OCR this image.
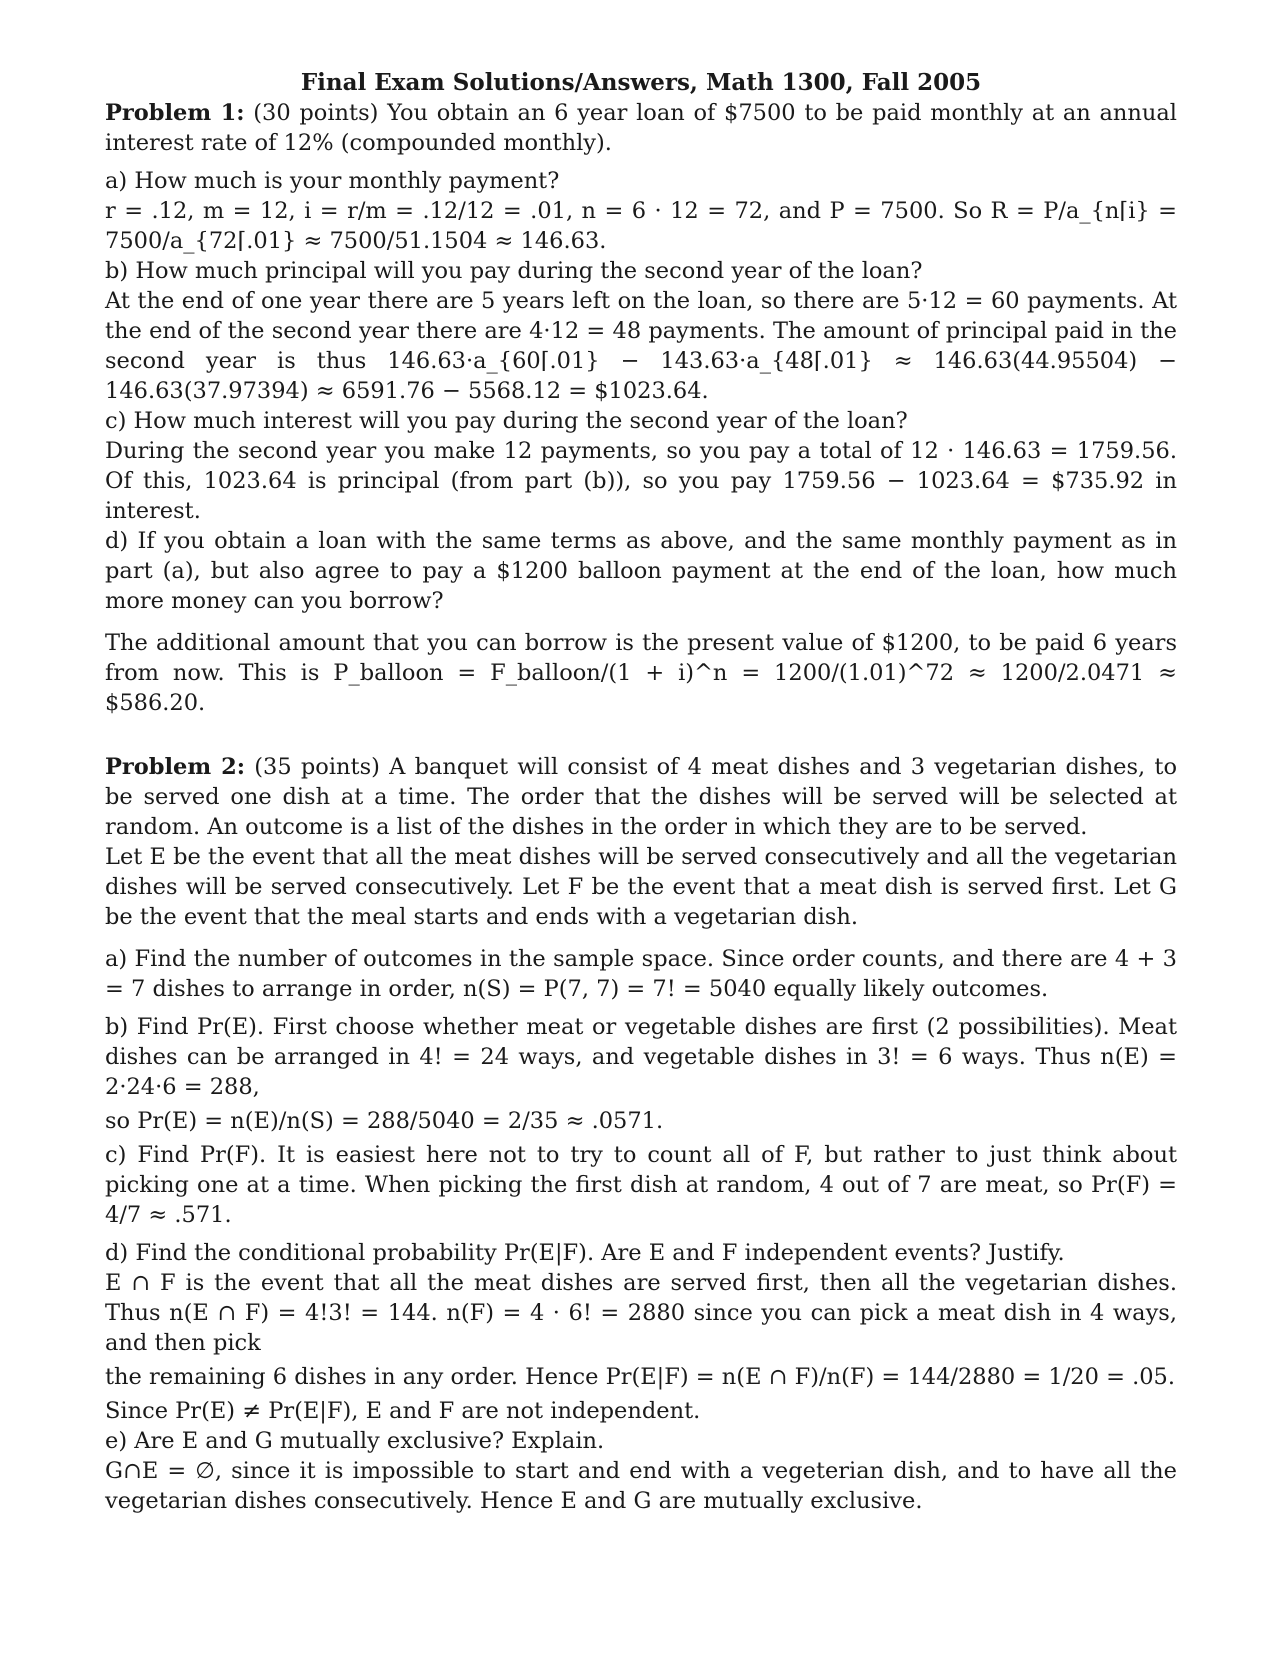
Final Exam Solutions/Answers, Math 1300, Fall 2005

Problem 1: (30 points) You obtain an 6 year loan of $7500 to be paid monthly at an annual interest rate of 12% (compounded monthly).

a) How much is your monthly payment?

r = .12, m = 12, i = r/m = .12/12 = .01, n = 6 · 12 = 72, and P = 7500. So R = P/a_{n⌈i} = 7500/a_{72⌈.01} ≈ 7500/51.1504 ≈ 146.63.

b) How much principal will you pay during the second year of the loan?

At the end of one year there are 5 years left on the loan, so there are 5·12 = 60 payments. At the end of the second year there are 4·12 = 48 payments. The amount of principal paid in the second year is thus 146.63·a_{60⌈.01} − 143.63·a_{48⌈.01} ≈ 146.63(44.95504) − 146.63(37.97394) ≈ 6591.76 − 5568.12 = $1023.64.

c) How much interest will you pay during the second year of the loan?

During the second year you make 12 payments, so you pay a total of 12 · 146.63 = 1759.56. Of this, 1023.64 is principal (from part (b)), so you pay 1759.56 − 1023.64 = $735.92 in interest.

d) If you obtain a loan with the same terms as above, and the same monthly payment as in part (a), but also agree to pay a $1200 balloon payment at the end of the loan, how much more money can you borrow?

The additional amount that you can borrow is the present value of $1200, to be paid 6 years from now. This is P_balloon = F_balloon/(1 + i)^n = 1200/(1.01)^72 ≈ 1200/2.0471 ≈ $586.20.

Problem 2: (35 points) A banquet will consist of 4 meat dishes and 3 vegetarian dishes, to be served one dish at a time. The order that the dishes will be served will be selected at random. An outcome is a list of the dishes in the order in which they are to be served.

Let E be the event that all the meat dishes will be served consecutively and all the vegetarian dishes will be served consecutively. Let F be the event that a meat dish is served first. Let G be the event that the meal starts and ends with a vegetarian dish.

a) Find the number of outcomes in the sample space. Since order counts, and there are 4 + 3 = 7 dishes to arrange in order, n(S) = P(7, 7) = 7! = 5040 equally likely outcomes.

b) Find Pr(E). First choose whether meat or vegetable dishes are first (2 possibilities). Meat dishes can be arranged in 4! = 24 ways, and vegetable dishes in 3! = 6 ways. Thus n(E) = 2·24·6 = 288,

so Pr(E) = n(E)/n(S) = 288/5040 = 2/35 ≈ .0571.

c) Find Pr(F). It is easiest here not to try to count all of F, but rather to just think about picking one at a time. When picking the first dish at random, 4 out of 7 are meat, so Pr(F) = 4/7 ≈ .571.

d) Find the conditional probability Pr(E|F). Are E and F independent events? Justify.

E ∩ F is the event that all the meat dishes are served first, then all the vegetarian dishes. Thus n(E ∩ F) = 4!3! = 144. n(F) = 4 · 6! = 2880 since you can pick a meat dish in 4 ways, and then pick

the remaining 6 dishes in any order. Hence Pr(E|F) = n(E ∩ F)/n(F) = 144/2880 = 1/20 = .05.

Since Pr(E) ≠ Pr(E|F), E and F are not independent.

e) Are E and G mutually exclusive? Explain.

G∩E = ∅, since it is impossible to start and end with a vegeterian dish, and to have all the vegetarian dishes consecutively. Hence E and G are mutually exclusive.
